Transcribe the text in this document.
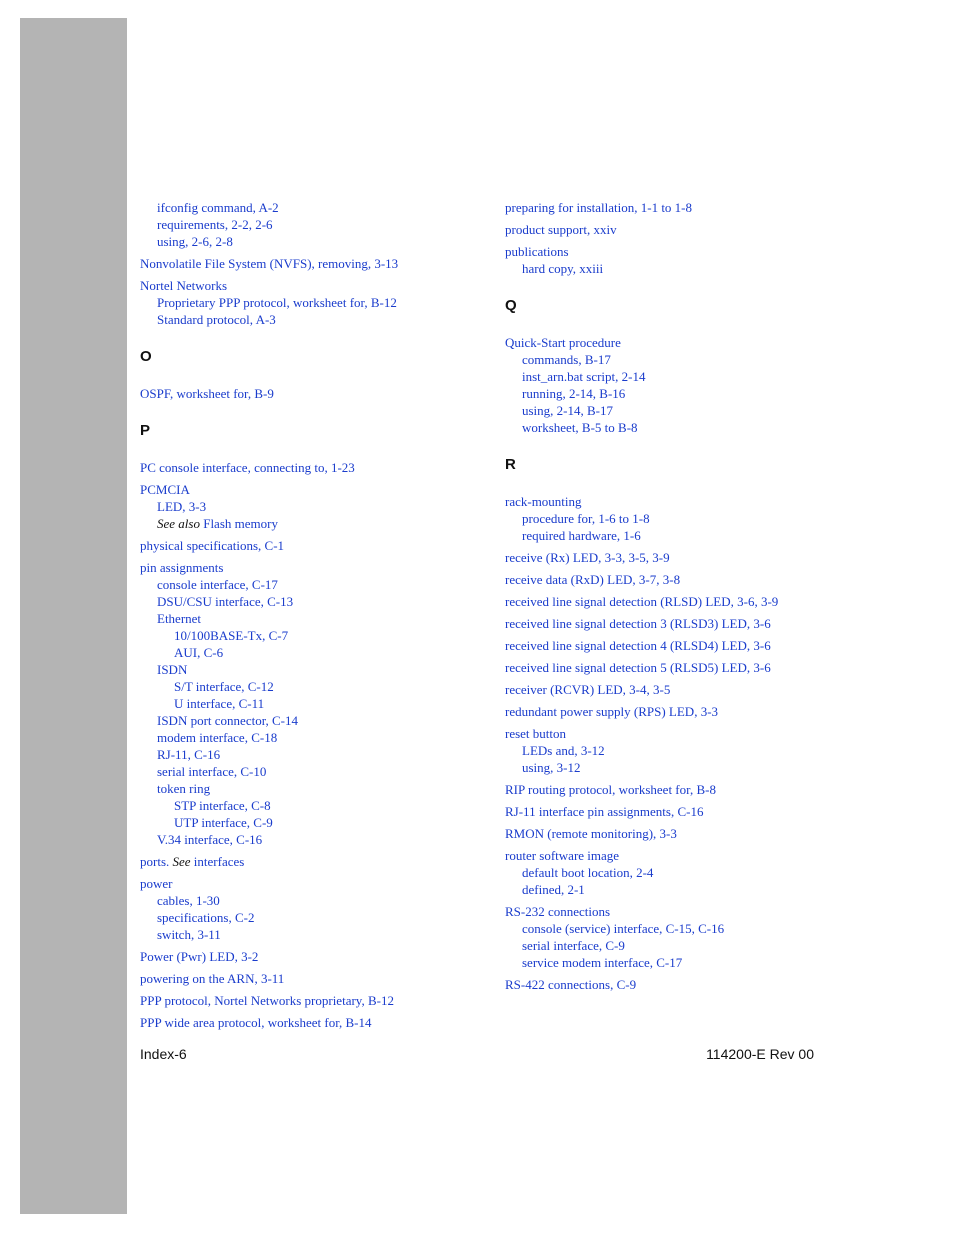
ifconfig command, A-2
requirements, 2-2, 2-6
using, 2-6, 2-8
Nonvolatile File System (NVFS), removing, 3-13
Nortel Networks
Proprietary PPP protocol, worksheet for, B-12
Standard protocol, A-3
O
OSPF, worksheet for, B-9
P
PC console interface, connecting to, 1-23
PCMCIA
LED, 3-3
See also Flash memory
physical specifications, C-1
pin assignments
console interface, C-17
DSU/CSU interface, C-13
Ethernet
10/100BASE-Tx, C-7
AUI, C-6
ISDN
S/T interface, C-12
U interface, C-11
ISDN port connector, C-14
modem interface, C-18
RJ-11, C-16
serial interface, C-10
token ring
STP interface, C-8
UTP interface, C-9
V.34 interface, C-16
ports. See interfaces
power
cables, 1-30
specifications, C-2
switch, 3-11
Power (Pwr) LED, 3-2
powering on the ARN, 3-11
PPP protocol, Nortel Networks proprietary, B-12
PPP wide area protocol, worksheet for, B-14
preparing for installation, 1-1 to 1-8
product support, xxiv
publications
hard copy, xxiii
Q
Quick-Start procedure
commands, B-17
inst_arn.bat script, 2-14
running, 2-14, B-16
using, 2-14, B-17
worksheet, B-5 to B-8
R
rack-mounting
procedure for, 1-6 to 1-8
required hardware, 1-6
receive (Rx) LED, 3-3, 3-5, 3-9
receive data (RxD) LED, 3-7, 3-8
received line signal detection (RLSD) LED, 3-6, 3-9
received line signal detection 3 (RLSD3) LED, 3-6
received line signal detection 4 (RLSD4) LED, 3-6
received line signal detection 5 (RLSD5) LED, 3-6
receiver (RCVR) LED, 3-4, 3-5
redundant power supply (RPS) LED, 3-3
reset button
LEDs and, 3-12
using, 3-12
RIP routing protocol, worksheet for, B-8
RJ-11 interface pin assignments, C-16
RMON (remote monitoring), 3-3
router software image
default boot location, 2-4
defined, 2-1
RS-232 connections
console (service) interface, C-15, C-16
serial interface, C-9
service modem interface, C-17
RS-422 connections, C-9
Index-6	114200-E Rev 00
